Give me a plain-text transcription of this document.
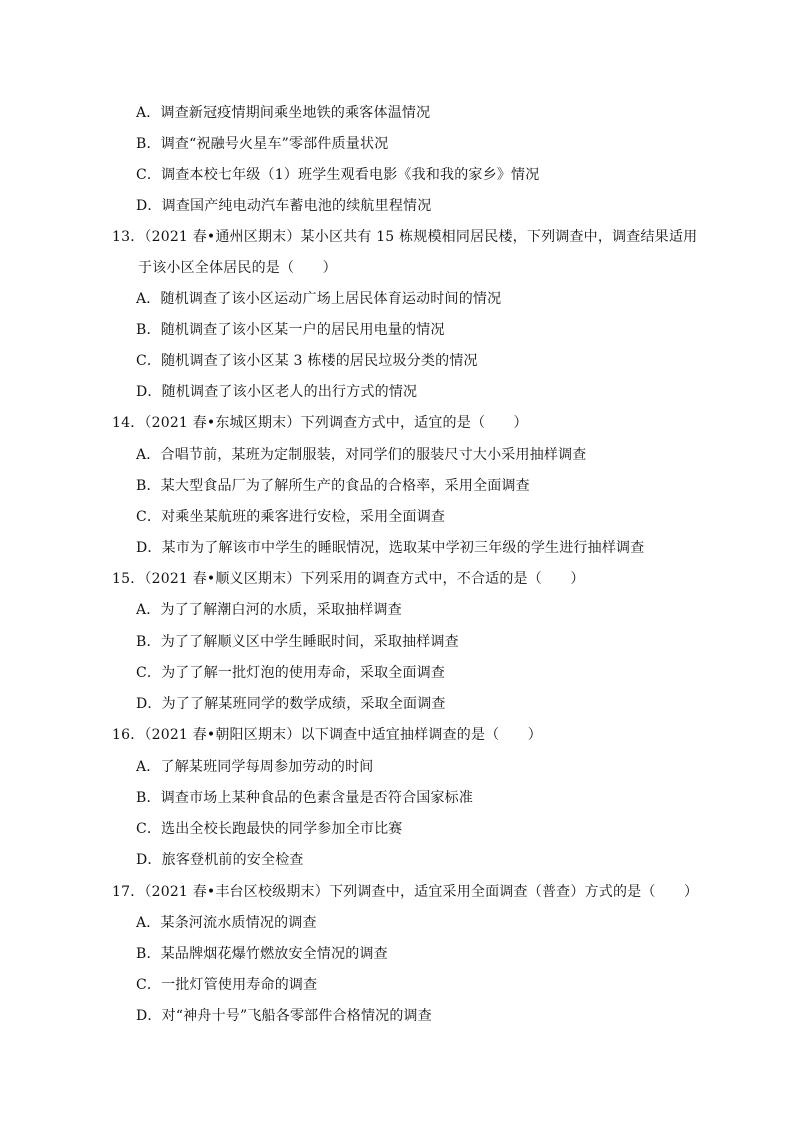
A．调查新冠疫情期间乘坐地铁的乘客体温情况
B．调查“祝融号火星车”零部件质量状况
C．调查本校七年级（1）班学生观看电影《我和我的家乡》情况
D．调查国产纯电动汽车蓄电池的续航里程情况
13．（2021 春•通州区期末）某小区共有 15 栋规模相同居民楼，下列调查中，调查结果适用
于该小区全体居民的是（　　）
A．随机调查了该小区运动广场上居民体育运动时间的情况
B．随机调查了该小区某一户的居民用电量的情况
C．随机调查了该小区某 3 栋楼的居民垃圾分类的情况
D．随机调查了该小区老人的出行方式的情况
14．（2021 春•东城区期末）下列调查方式中，适宜的是（　　）
A．合唱节前，某班为定制服装，对同学们的服装尺寸大小采用抽样调查
B．某大型食品厂为了解所生产的食品的合格率，采用全面调查
C．对乘坐某航班的乘客进行安检，采用全面调查
D．某市为了解该市中学生的睡眠情况，选取某中学初三年级的学生进行抽样调查
15．（2021 春•顺义区期末）下列采用的调查方式中，不合适的是（　　）
A．为了了解潮白河的水质，采取抽样调查
B．为了了解顺义区中学生睡眠时间，采取抽样调查
C．为了了解一批灯泡的使用寿命，采取全面调查
D．为了了解某班同学的数学成绩，采取全面调查
16．（2021 春•朝阳区期末）以下调查中适宜抽样调查的是（　　）
A．了解某班同学每周参加劳动的时间
B．调查市场上某种食品的色素含量是否符合国家标准
C．选出全校长跑最快的同学参加全市比赛
D．旅客登机前的安全检查
17．（2021 春•丰台区校级期末）下列调查中，适宜采用全面调查（普查）方式的是（　　）
A．某条河流水质情况的调查
B．某品牌烟花爆竹燃放安全情况的调查
C．一批灯管使用寿命的调查
D．对“神舟十号”飞船各零部件合格情况的调查
